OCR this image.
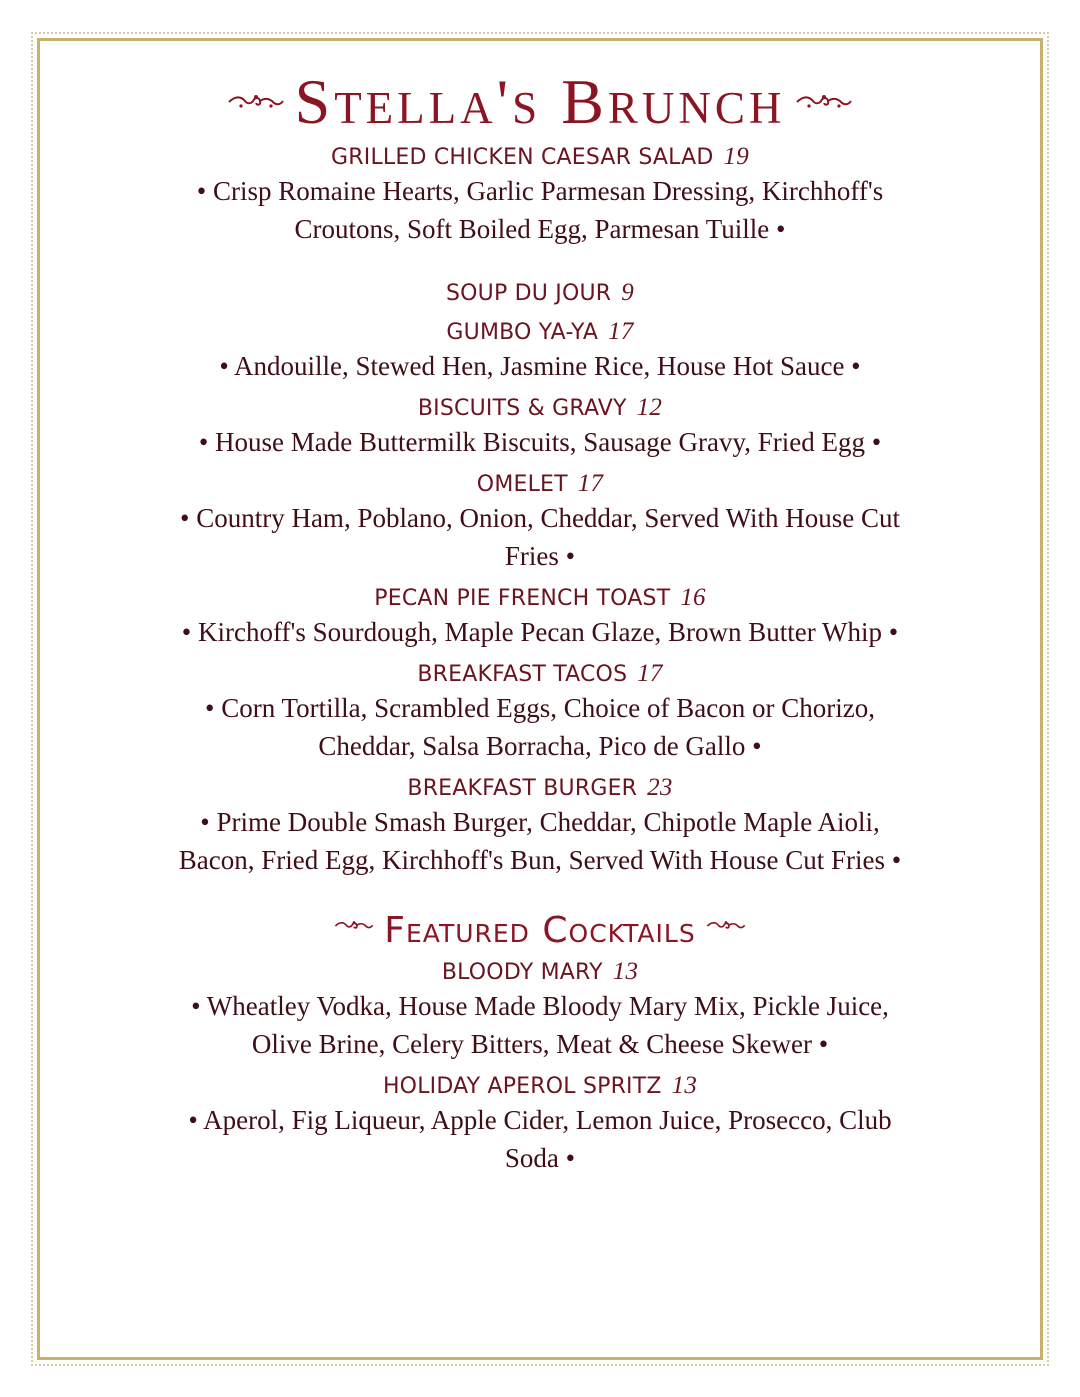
Stella's Brunch
GRILLED CHICKEN CAESAR SALAD 19
• Crisp Romaine Hearts, Garlic Parmesan Dressing, Kirchhoff's Croutons, Soft Boiled Egg, Parmesan Tuille •
SOUP DU JOUR 9
GUMBO YA-YA 17
• Andouille, Stewed Hen, Jasmine Rice, House Hot Sauce •
BISCUITS & GRAVY 12
• House Made Buttermilk Biscuits, Sausage Gravy, Fried Egg •
OMELET 17
• Country Ham, Poblano, Onion, Cheddar, Served With House Cut Fries •
PECAN PIE FRENCH TOAST 16
• Kirchoff's Sourdough, Maple Pecan Glaze, Brown Butter Whip •
BREAKFAST TACOS 17
• Corn Tortilla, Scrambled Eggs, Choice of Bacon or Chorizo, Cheddar, Salsa Borracha, Pico de Gallo •
BREAKFAST BURGER 23
• Prime Double Smash Burger, Cheddar, Chipotle Maple Aioli, Bacon, Fried Egg, Kirchhoff's Bun, Served With House Cut Fries •
Featured Cocktails
BLOODY MARY 13
• Wheatley Vodka, House Made Bloody Mary Mix, Pickle Juice, Olive Brine, Celery Bitters, Meat & Cheese Skewer •
HOLIDAY APEROL SPRITZ 13
• Aperol, Fig Liqueur, Apple Cider, Lemon Juice, Prosecco, Club Soda •
